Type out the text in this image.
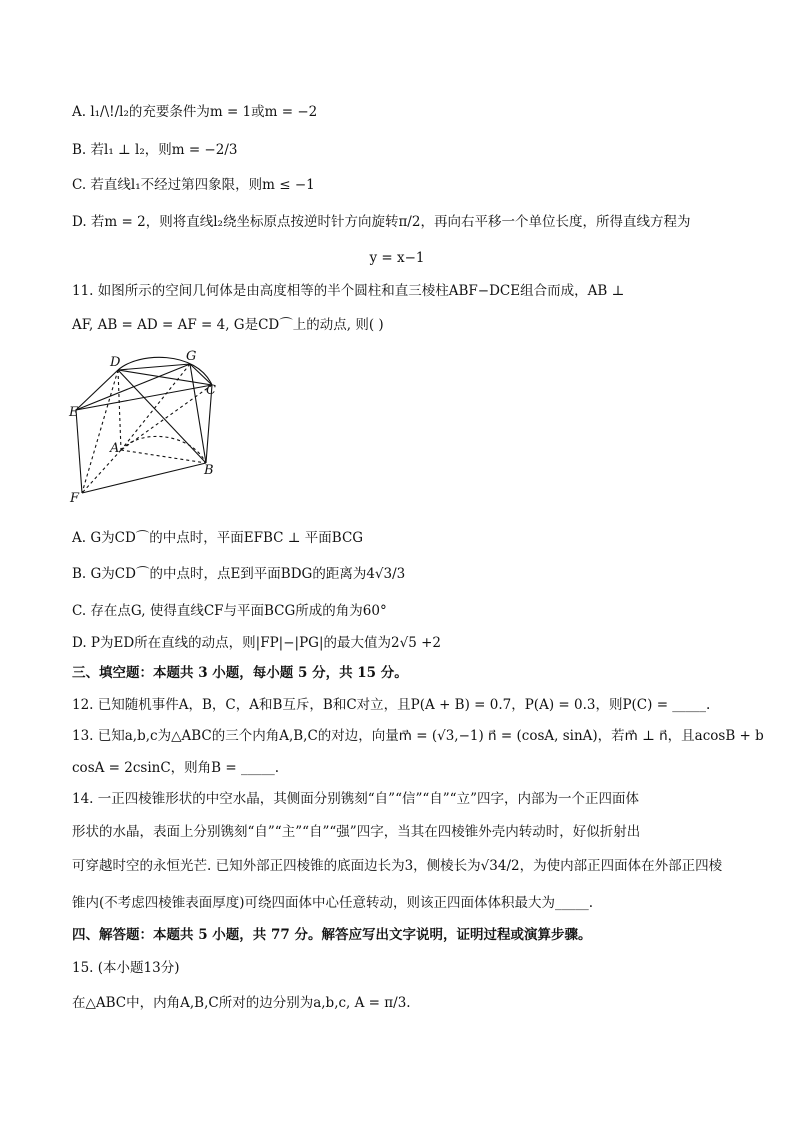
A. l₁/\!/l₂的充要条件为m = 1或m = −2
B. 若l₁ ⊥ l₂，则m = −2/3
C. 若直线l₁不经过第四象限，则m ≤ −1
D. 若m = 2，则将直线l₂绕坐标原点按逆时针方向旋转π/2，再向右平移一个单位长度，所得直线方程为
y = x−1
11. 如图所示的空间几何体是由高度相等的半个圆柱和直三棱柱ABF−DCE组合而成，AB ⊥
AF, AB = AD = AF = 4, G是CD⌒上的动点, 则( )
D	G
C
E
A
B
F
A. G为CD⌒的中点时，平面EFBC ⊥ 平面BCG
B. G为CD⌒的中点时，点E到平面BDG的距离为4√3/3
C. 存在点G, 使得直线CF与平面BCG所成的角为60°
D. P为ED所在直线的动点，则|FP|−|PG|的最大值为2√5 +2
三、填空题：本题共 3 小题，每小题 5 分，共 15 分。
12. 已知随机事件A，B，C，A和B互斥，B和C对立，且P(A + B) = 0.7，P(A) = 0.3，则P(C) = _____.
13. 已知a,b,c为△ABC的三个内角A,B,C的对边，向量m⃗ = (√3,−1) n⃗ = (cosA, sinA)，若m⃗ ⊥ n⃗，且acosB + b
cosA = 2csinC，则角B = _____.
14. 一正四棱锥形状的中空水晶，其侧面分别镌刻“自”“信”“自”“立”四字，内部为一个正四面体
形状的水晶，表面上分别镌刻“自”“主”“自”“强”四字，当其在四棱锥外壳内转动时，好似折射出
可穿越时空的永恒光芒. 已知外部正四棱锥的底面边长为3，侧棱长为√34/2，为使内部正四面体在外部正四棱
锥内(不考虑四棱锥表面厚度)可绕四面体中心任意转动，则该正四面体体积最大为_____.
四、解答题：本题共 5 小题，共 77 分。解答应写出文字说明，证明过程或演算步骤。
15. (本小题13分)
在△ABC中，内角A,B,C所对的边分别为a,b,c, A = π/3.
